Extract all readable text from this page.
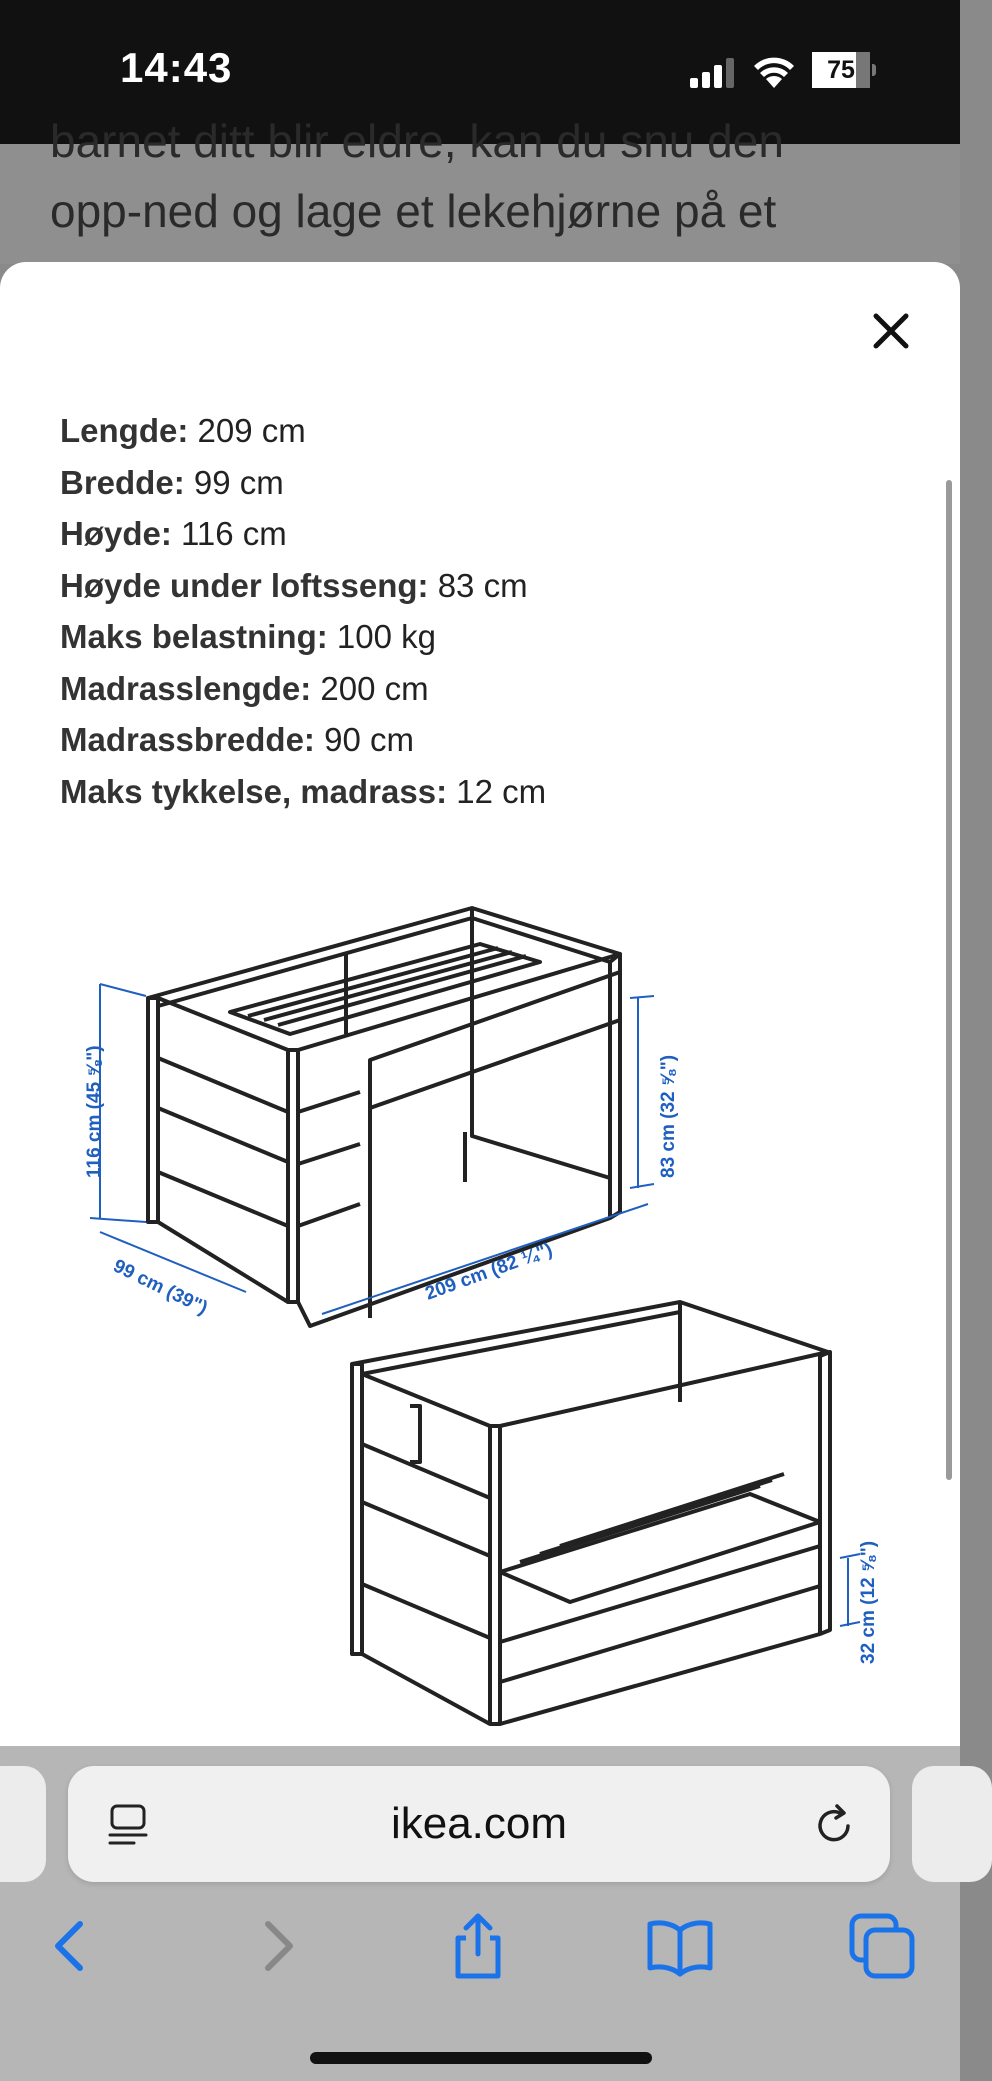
14:43	75
barnet ditt blir eldre, kan du snu den
opp-ned og lage et lekehjørne på et
Lengde: 209 cm
Bredde: 99 cm
Høyde: 116 cm
Høyde under loftsseng: 83 cm
Maks belastning: 100 kg
Madrasslengde: 200 cm
Madrassbredde: 90 cm
Maks tykkelse, madrass: 12 cm
116 cm (45 ⅝")
99 cm (39")	209 cm (82 ¼")
83 cm (32 ⅝")
32 cm (12 ⅝")
ikea.com
